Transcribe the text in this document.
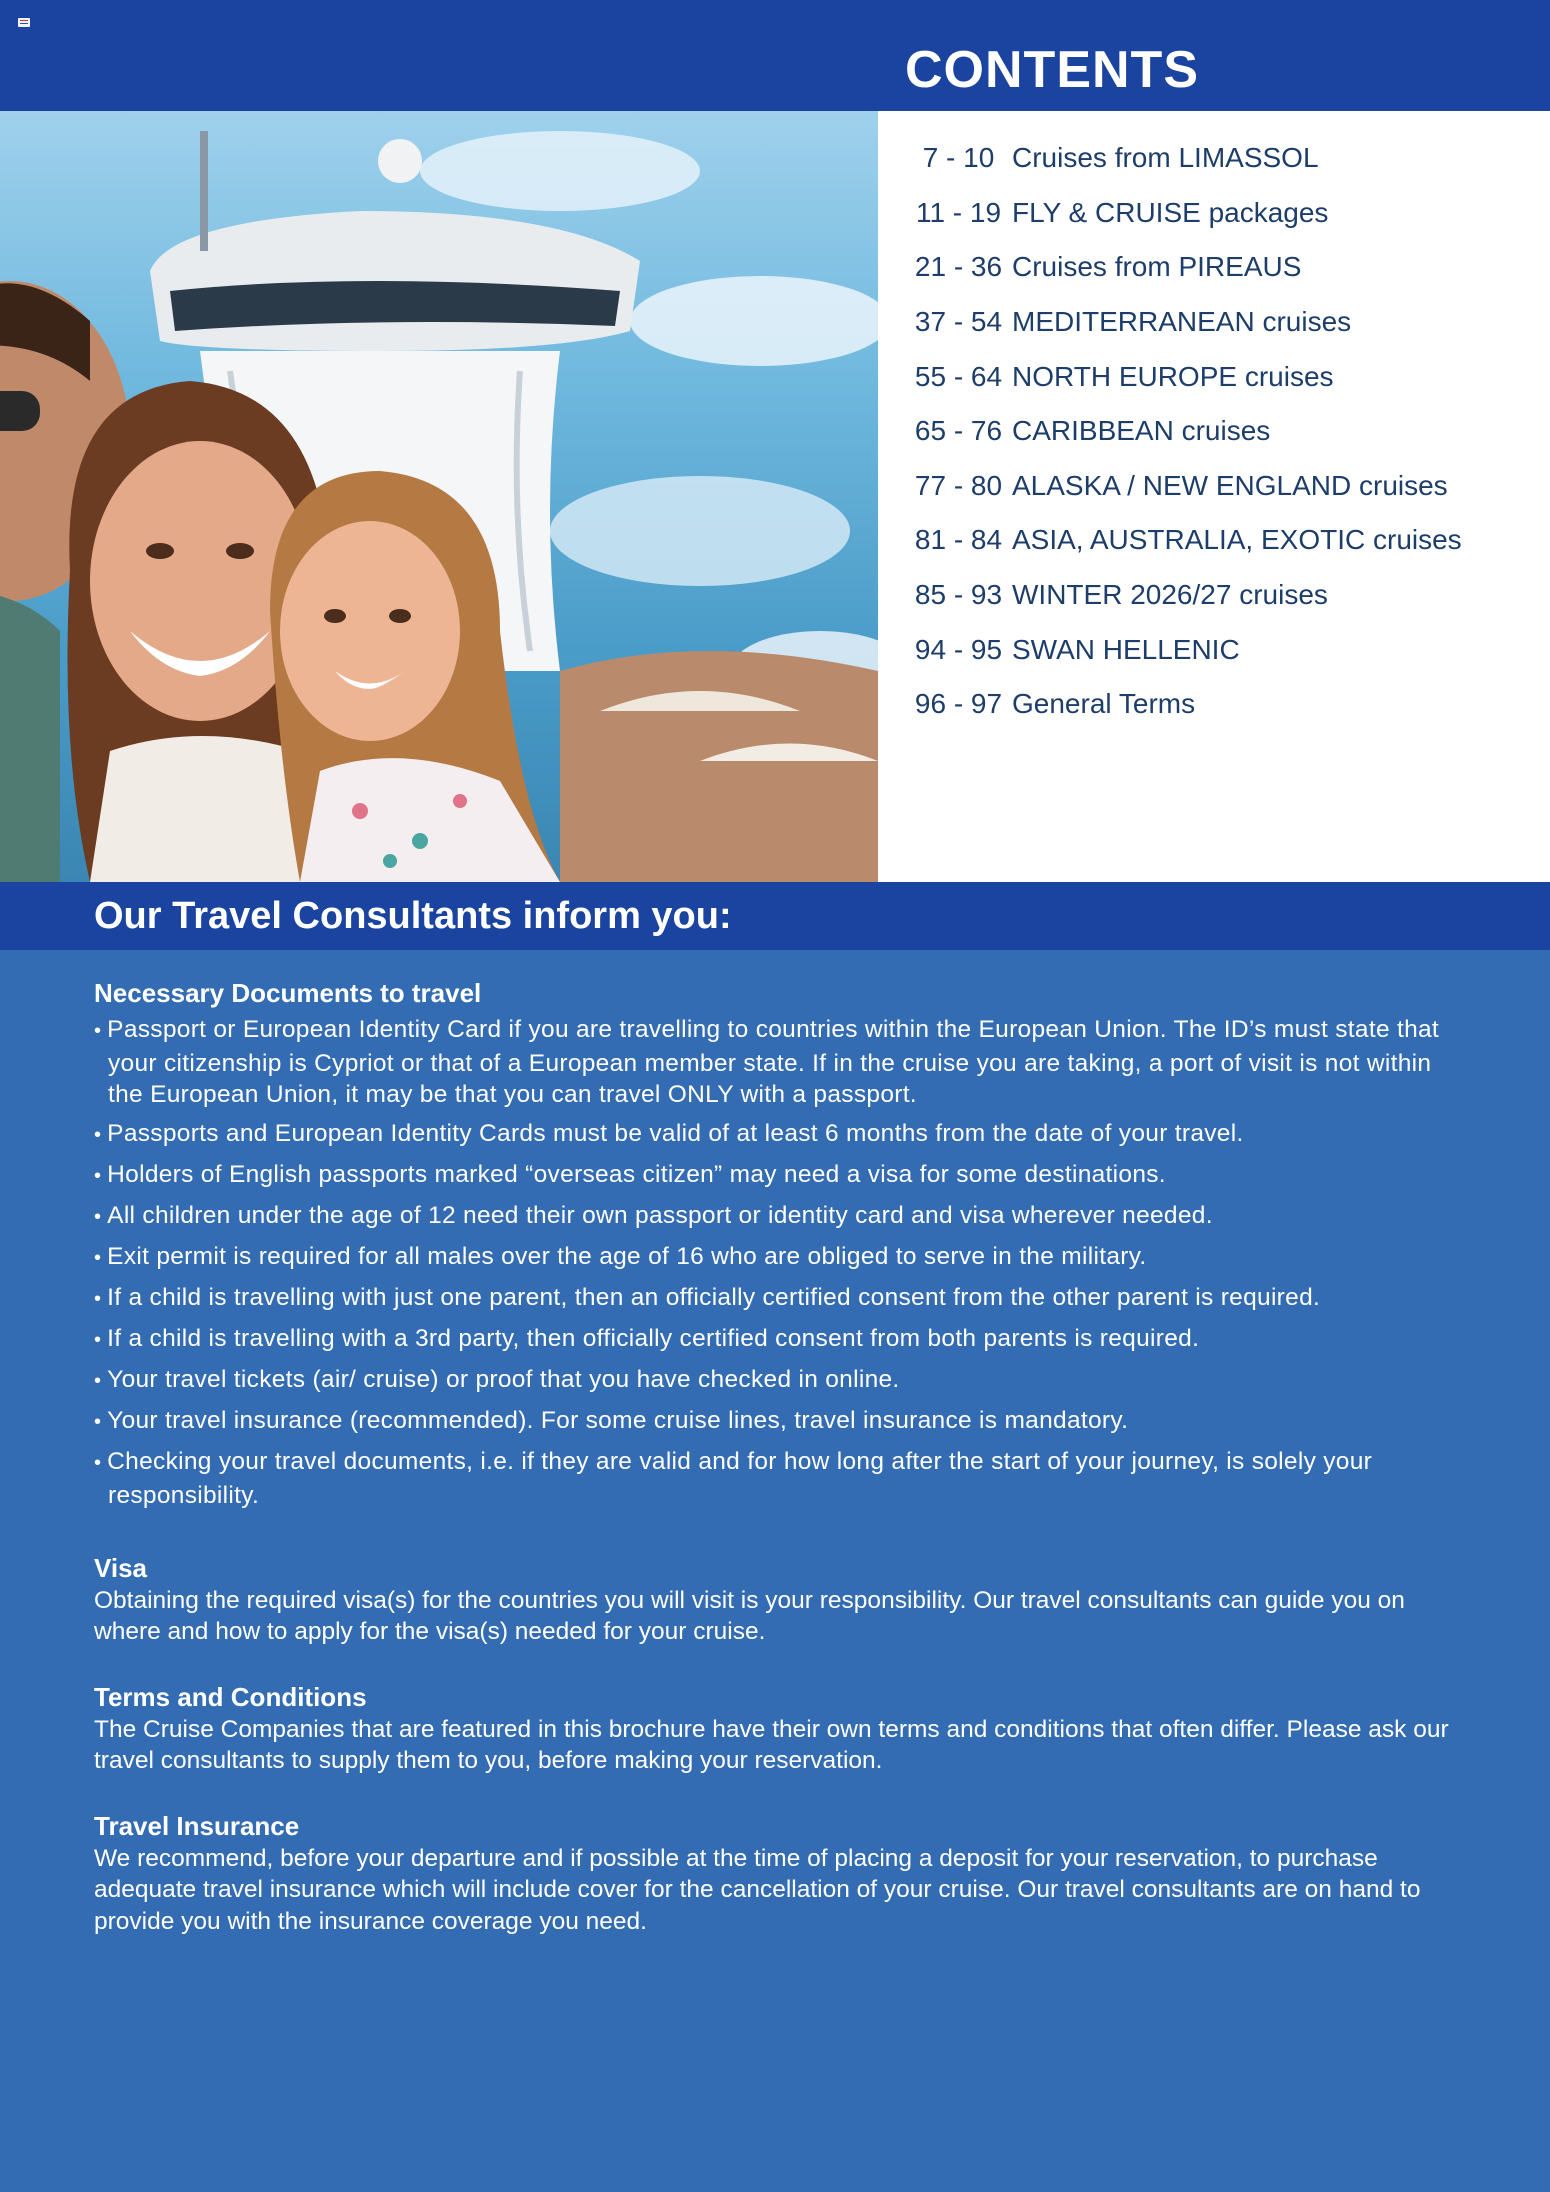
CONTENTS
7 - 10 Cruises from LIMASSOL
11 - 19 FLY & CRUISE packages
21 - 36 Cruises from PIREAUS
37 - 54 MEDITERRANEAN cruises
55 - 64 NORTH EUROPE cruises
65 - 76 CARIBBEAN cruises
77 - 80 ALASKA / NEW ENGLAND cruises
81 - 84 ASIA, AUSTRALIA, EXOTIC cruises
85 - 93 WINTER 2026/27 cruises
94 - 95 SWAN HELLENIC
96 - 97 General Terms
Our Travel Consultants inform you:
Necessary Documents to travel
• Passport or European Identity Card if you are travelling to countries within the European Union. The ID’s must state that your citizenship is Cypriot or that of a European member state. If in the cruise you are taking, a port of visit is not within the European Union, it may be that you can travel ONLY with a passport.
• Passports and European Identity Cards must be valid of at least 6 months from the date of your travel.
• Holders of English passports marked “overseas citizen” may need a visa for some destinations.
• All children under the age of 12 need their own passport or identity card and visa wherever needed.
• Exit permit is required for all males over the age of 16 who are obliged to serve in the military.
• If a child is travelling with just one parent, then an officially certified consent from the other parent is required.
• If a child is travelling with a 3rd party, then officially certified consent from both parents is required.
• Your travel tickets (air/ cruise) or proof that you have checked in online.
• Your travel insurance (recommended). For some cruise lines, travel insurance is mandatory.
• Checking your travel documents, i.e. if they are valid and for how long after the start of your journey, is solely your responsibility.
Visa

Obtaining the required visa(s) for the countries you will visit is your responsibility. Our travel consultants can guide you on where and how to apply for the visa(s) needed for your cruise.

Terms and Conditions

The Cruise Companies that are featured in this brochure have their own terms and conditions that often differ. Please ask our travel consultants to supply them to you, before making your reservation.

Travel Insurance

We recommend, before your departure and if possible at the time of placing a deposit for your reservation, to purchase adequate travel insurance which will include cover for the cancellation of your cruise. Our travel consultants are on hand to provide you with the insurance coverage you need.
